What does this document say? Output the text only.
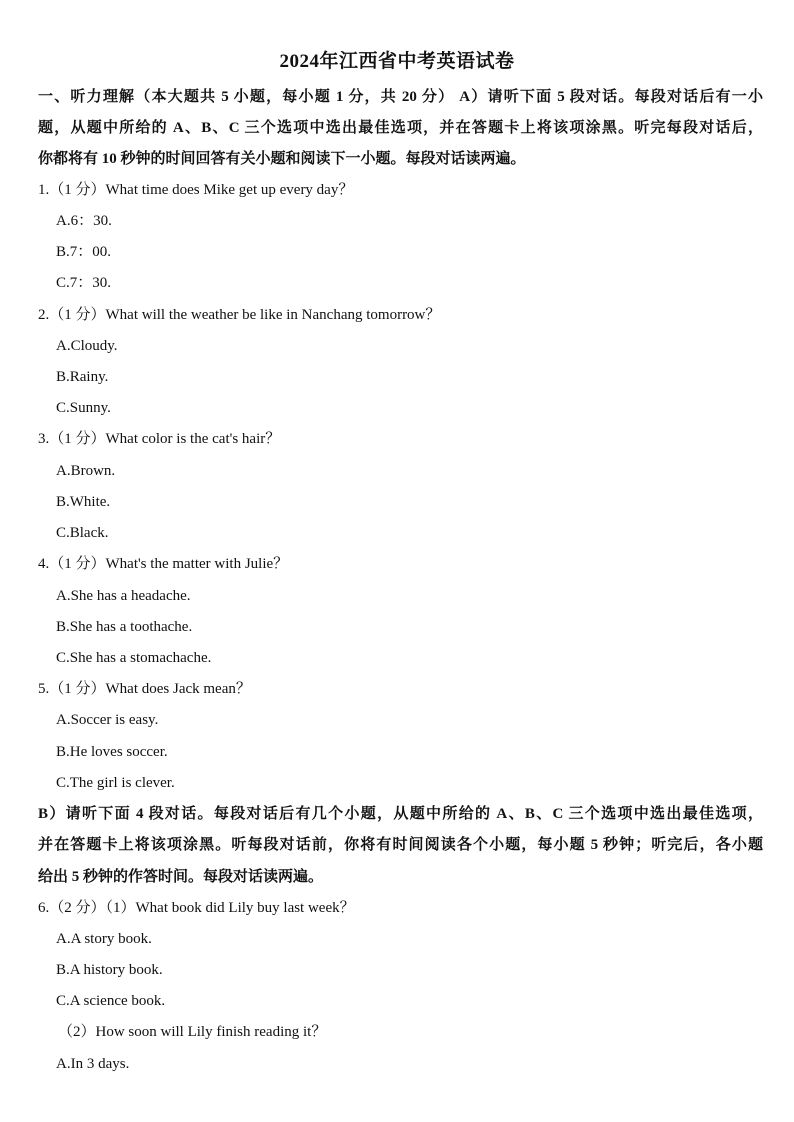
2024年江西省中考英语试卷
一、听力理解（本大题共 5 小题，每小题 1 分，共 20 分） A）请听下面 5 段对话。每段对话后有一小
题，从题中所给的 A、B、C 三个选项中选出最佳选项，并在答题卡上将该项涂黑。听完每段对话后，
你都将有 10 秒钟的时间回答有关小题和阅读下一小题。每段对话读两遍。
1.（1 分）What time does Mike get up every day？
A.6：30.
B.7：00.
C.7：30.
2.（1 分）What will the weather be like in Nanchang tomorrow？
A.Cloudy.
B.Rainy.
C.Sunny.
3.（1 分）What color is the cat's hair？
A.Brown.
B.White.
C.Black.
4.（1 分）What's the matter with Julie？
A.She has a headache.
B.She has a toothache.
C.She has a stomachache.
5.（1 分）What does Jack mean？
A.Soccer is easy.
B.He loves soccer.
C.The girl is clever.
B）请听下面 4 段对话。每段对话后有几个小题，从题中所给的 A、B、C 三个选项中选出最佳选项，
并在答题卡上将该项涂黑。听每段对话前，你将有时间阅读各个小题，每小题 5 秒钟；听完后，各小题
给出 5 秒钟的作答时间。每段对话读两遍。
6.（2 分）（1）What book did Lily buy last week？
A.A story book.
B.A history book.
C.A science book.
（2）How soon will Lily finish reading it？
A.In 3 days.
